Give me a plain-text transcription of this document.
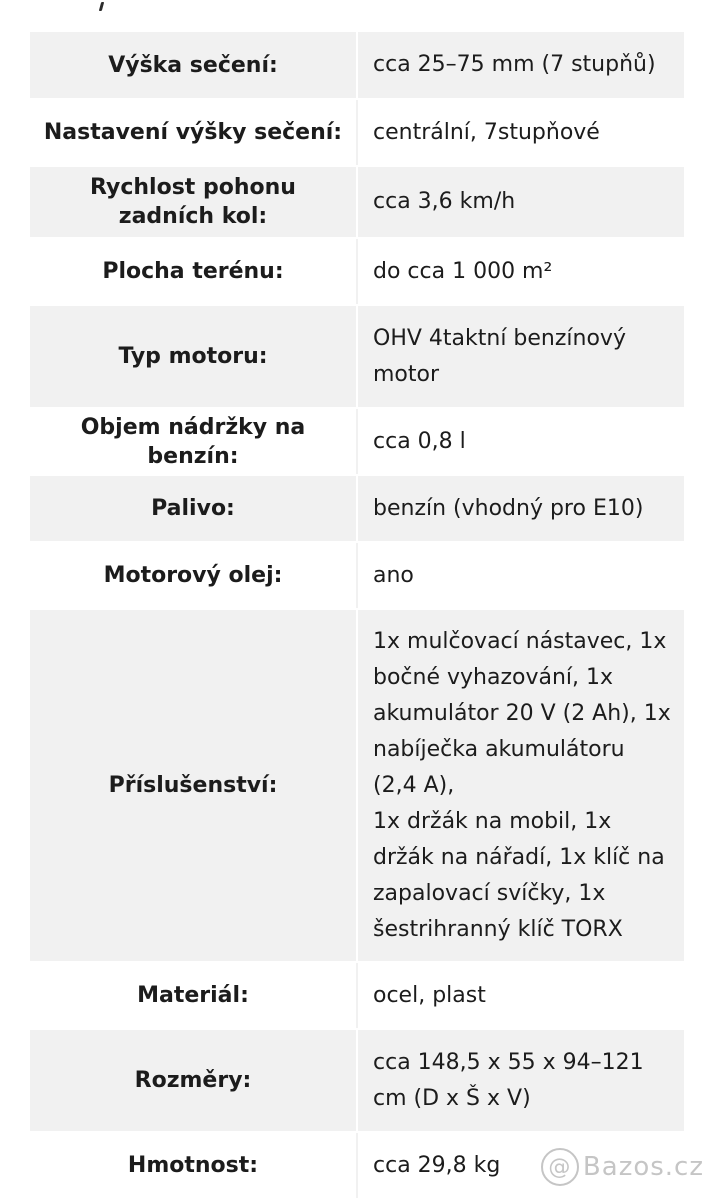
Výška sečení:	cca 25–75 mm (7 stupňů)
Nastavení výšky sečení:	centrální, 7stupňové
Rychlost pohonu zadních kol:	cca 3,6 km/h
Plocha terénu:	do cca 1 000 m²
Typ motoru:	OHV 4taktní benzínový motor
Objem nádržky na benzín:	cca 0,8 l
Palivo:	benzín (vhodný pro E10)
Motorový olej:	ano
Příslušenství:	1x mulčovací nástavec, 1x bočné vyhazování, 1x akumulátor 20 V (2 Ah), 1x nabíječka akumulátoru (2,4 A),
1x držák na mobil, 1x držák na nářadí, 1x klíč na zapalovací svíčky, 1x šestrihranný klíč TORX
Materiál:	ocel, plast
Rozměry:	cca 148,5 x 55 x 94–121 cm (D x Š x V)
Hmotnost:	cca 29,8 kg	@ Bazos.cz
